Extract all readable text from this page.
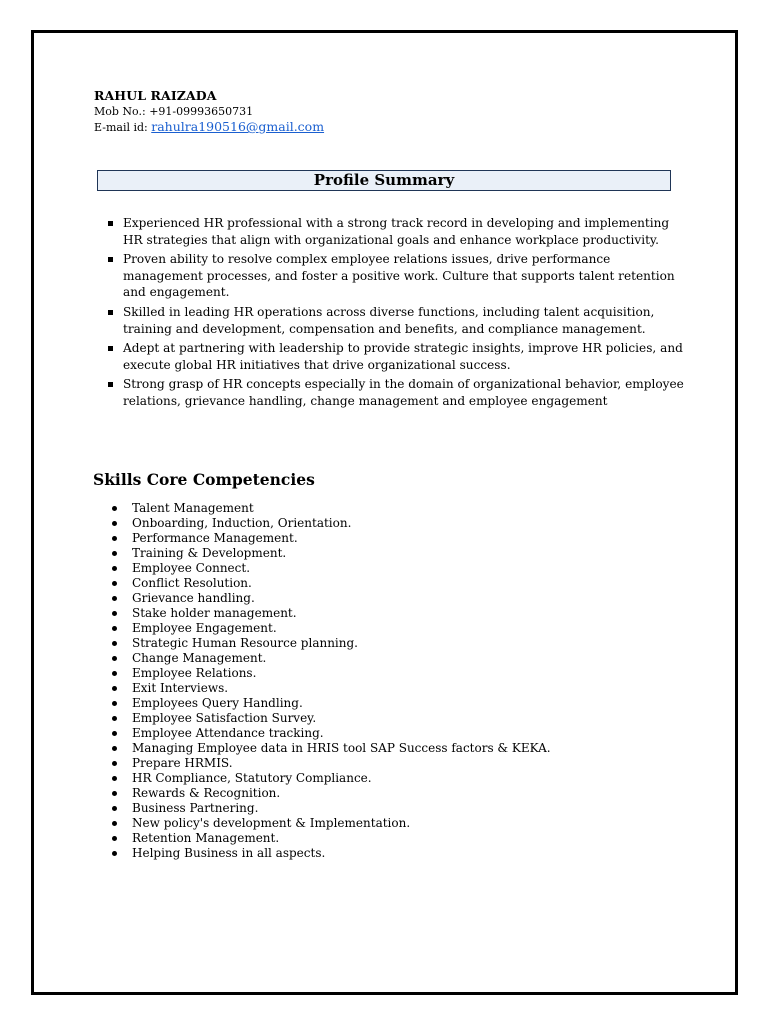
RAHUL RAIZADA
Mob No.: +91-09993650731
E-mail id: rahulra190516@gmail.com
Profile Summary
Experienced HR professional with a strong track record in developing and implementing HR strategies that align with organizational goals and enhance workplace productivity.
Proven ability to resolve complex employee relations issues, drive performance management processes, and foster a positive work. Culture that supports talent retention and engagement.
Skilled in leading HR operations across diverse functions, including talent acquisition, training and development, compensation and benefits, and compliance management.
Adept at partnering with leadership to provide strategic insights, improve HR policies, and execute global HR initiatives that drive organizational success.
Strong grasp of HR concepts especially in the domain of organizational behavior, employee relations, grievance handling, change management and employee engagement
Skills Core Competencies
Talent Management
Onboarding, Induction, Orientation.
Performance Management.
Training & Development.
Employee Connect.
Conflict Resolution.
Grievance handling.
Stake holder management.
Employee Engagement.
Strategic Human Resource planning.
Change Management.
Employee Relations.
Exit Interviews.
Employees Query Handling.
Employee Satisfaction Survey.
Employee Attendance tracking.
Managing Employee data in HRIS tool SAP Success factors & KEKA.
Prepare HRMIS.
HR Compliance, Statutory Compliance.
Rewards & Recognition.
Business Partnering.
New policy's development & Implementation.
Retention Management.
Helping Business in all aspects.
